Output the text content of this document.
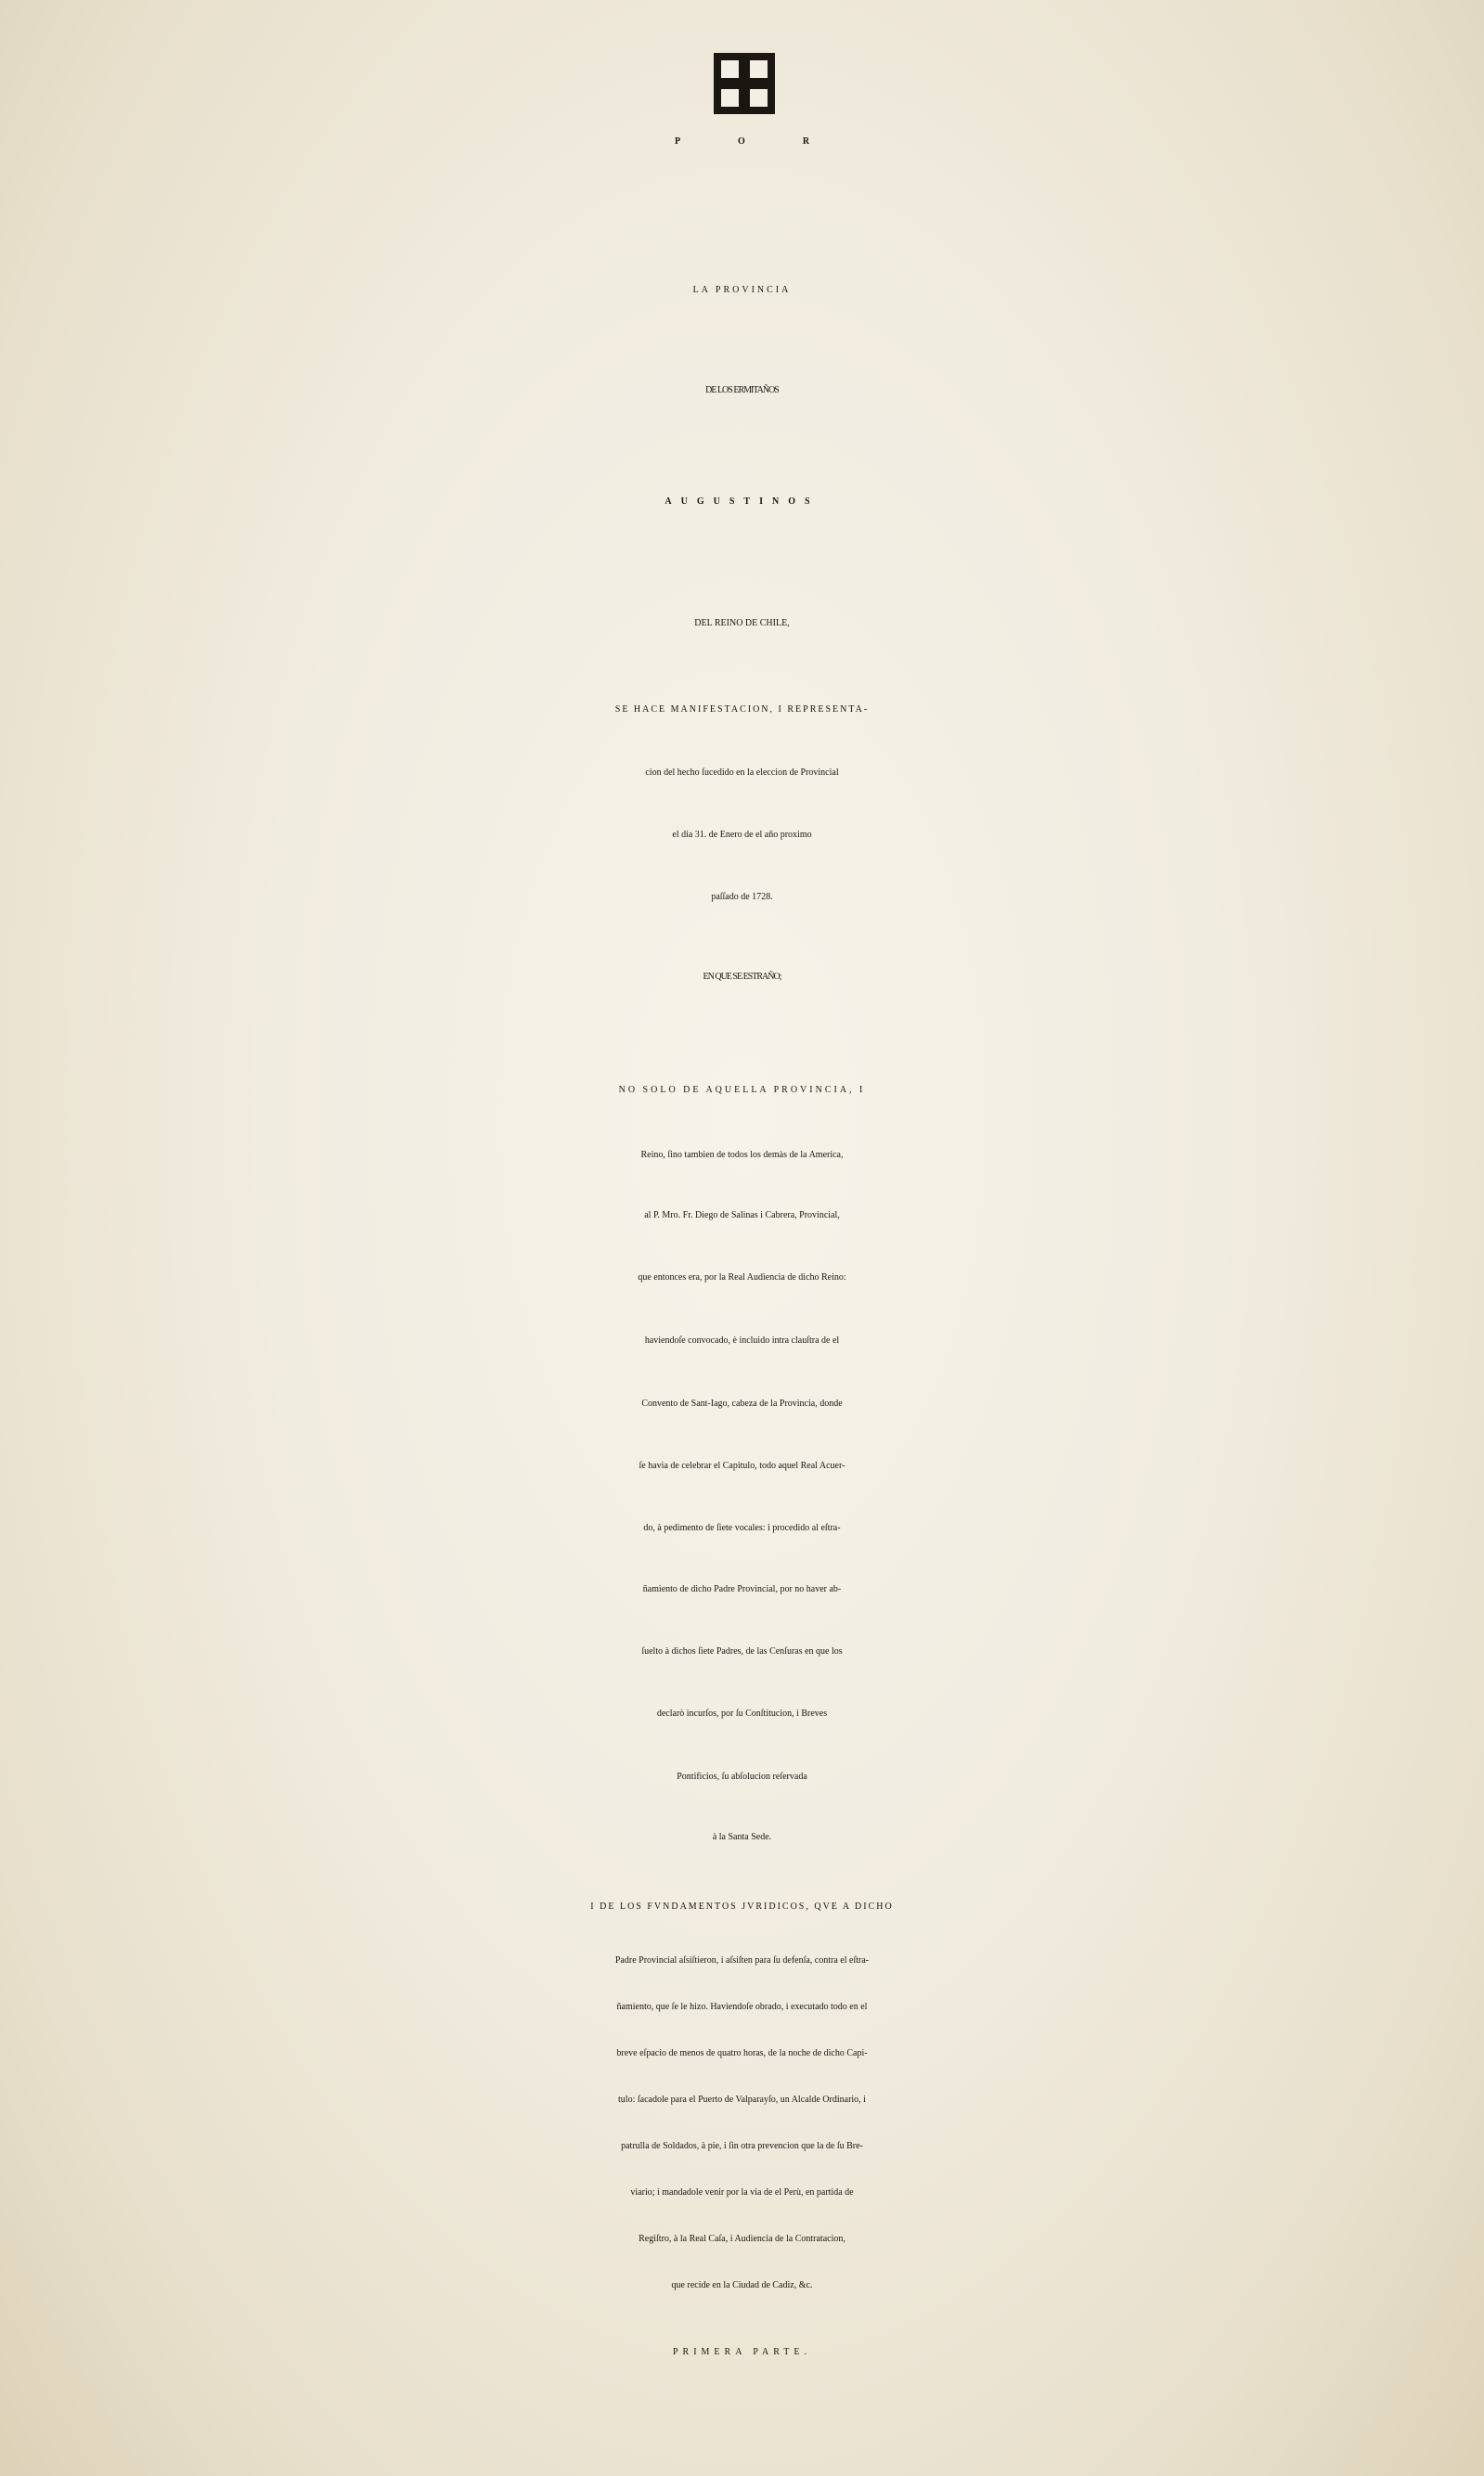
POR
LA PROVINCIA
DE LOS ERMITAÑOS
AUGUSTINOS
DEL REINO DE CHILE,
SE HACE MANIFESTACION, I REPRESENTA-
cion del hecho ſucedido en la eleccion de Provincial
el dia 31. de Enero de el año proximo
paſſado de 1728.
EN QUE SE ESTRAÑO;
NO SOLO DE AQUELLA PROVINCIA, I
Reino, ſino tambien de todos los demàs de la America,
al P. Mro. Fr. Diego de Salinas i Cabrera, Provincial,
que entonces era, por la Real Audiencia de dicho Reino:
haviendoſe convocado, è incluido intra clauſtra de el
Convento de Sant-Iago, cabeza de la Provincia, donde
ſe havia de celebrar el Capitulo, todo aquel Real Acuer-
do, à pedimento de ſiete vocales: i procedido al eſtra-
ñamiento de dicho Padre Provincial, por no haver ab-
ſuelto à dichos ſiete Padres, de las Cenſuras en que los
declarò incurſos, por ſu Conſtitucion, i Breves
Pontificios, ſu abſolucion reſervada
à la Santa Sede.
I DE LOS FVNDAMENTOS JVRIDICOS, QVE A DICHO
Padre Provincial aſsiſtieron, i aſsiſten para ſu defenſa, contra el eſtra-
ñamiento, que ſe le hizo. Haviendoſe obrado, i executado todo en el
breve eſpacio de menos de quatro horas, de la noche de dicho Capi-
tulo: ſacadole para el Puerto de Valparayſo, un Alcalde Ordinario, i
patrulla de Soldados, à pie, i ſin otra prevencion que la de ſu Bre-
viario; i mandadole venir por la via de el Perù, en partida de
Regiſtro, à la Real Caſa, i Audiencia de la Contratacion,
que recide en la Ciudad de Cadiz, &c.
PRIMERA PARTE.
